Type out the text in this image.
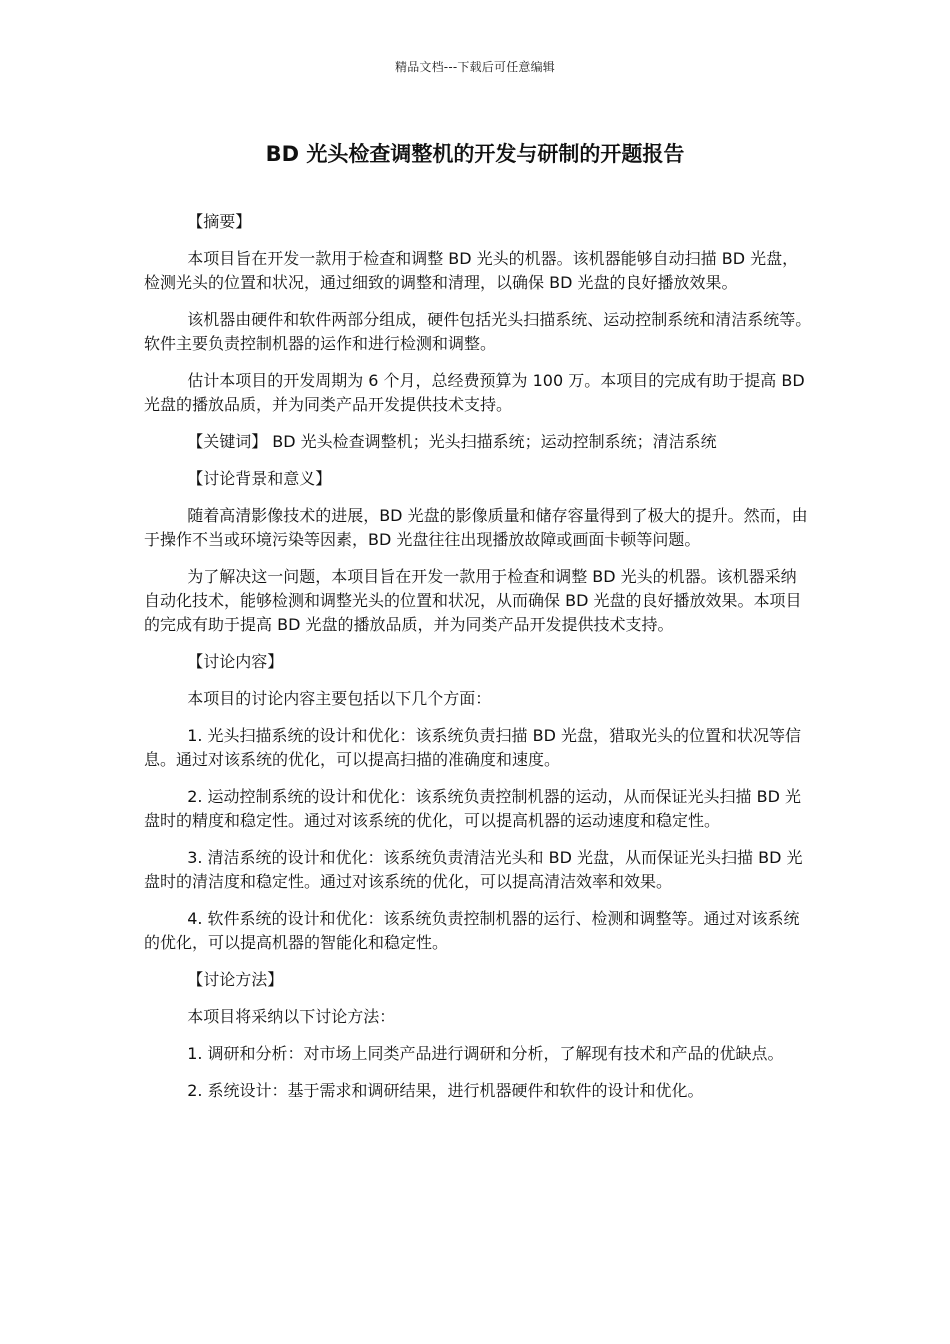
精品文档---下载后可任意编辑
BD 光头检查调整机的开发与研制的开题报告

【摘要】

本项目旨在开发一款用于检查和调整 BD 光头的机器。该机器能够自动扫描 BD 光盘，检测光头的位置和状况，通过细致的调整和清理，以确保 BD 光盘的良好播放效果。

该机器由硬件和软件两部分组成，硬件包括光头扫描系统、运动控制系统和清洁系统等。软件主要负责控制机器的运作和进行检测和调整。

估计本项目的开发周期为 6 个月，总经费预算为 100 万。本项目的完成有助于提高 BD 光盘的播放品质，并为同类产品开发提供技术支持。

【关键词】 BD 光头检查调整机；光头扫描系统；运动控制系统；清洁系统

【讨论背景和意义】

随着高清影像技术的进展，BD 光盘的影像质量和储存容量得到了极大的提升。然而，由于操作不当或环境污染等因素，BD 光盘往往出现播放故障或画面卡顿等问题。

为了解决这一问题，本项目旨在开发一款用于检查和调整 BD 光头的机器。该机器采纳自动化技术，能够检测和调整光头的位置和状况，从而确保 BD 光盘的良好播放效果。本项目的完成有助于提高 BD 光盘的播放品质，并为同类产品开发提供技术支持。

【讨论内容】

本项目的讨论内容主要包括以下几个方面：

1. 光头扫描系统的设计和优化：该系统负责扫描 BD 光盘，猎取光头的位置和状况等信息。通过对该系统的优化，可以提高扫描的准确度和速度。

2. 运动控制系统的设计和优化：该系统负责控制机器的运动，从而保证光头扫描 BD 光盘时的精度和稳定性。通过对该系统的优化，可以提高机器的运动速度和稳定性。

3. 清洁系统的设计和优化：该系统负责清洁光头和 BD 光盘，从而保证光头扫描 BD 光盘时的清洁度和稳定性。通过对该系统的优化，可以提高清洁效率和效果。

4. 软件系统的设计和优化：该系统负责控制机器的运行、检测和调整等。通过对该系统的优化，可以提高机器的智能化和稳定性。

【讨论方法】

本项目将采纳以下讨论方法：

1. 调研和分析：对市场上同类产品进行调研和分析，了解现有技术和产品的优缺点。

2. 系统设计：基于需求和调研结果，进行机器硬件和软件的设计和优化。
